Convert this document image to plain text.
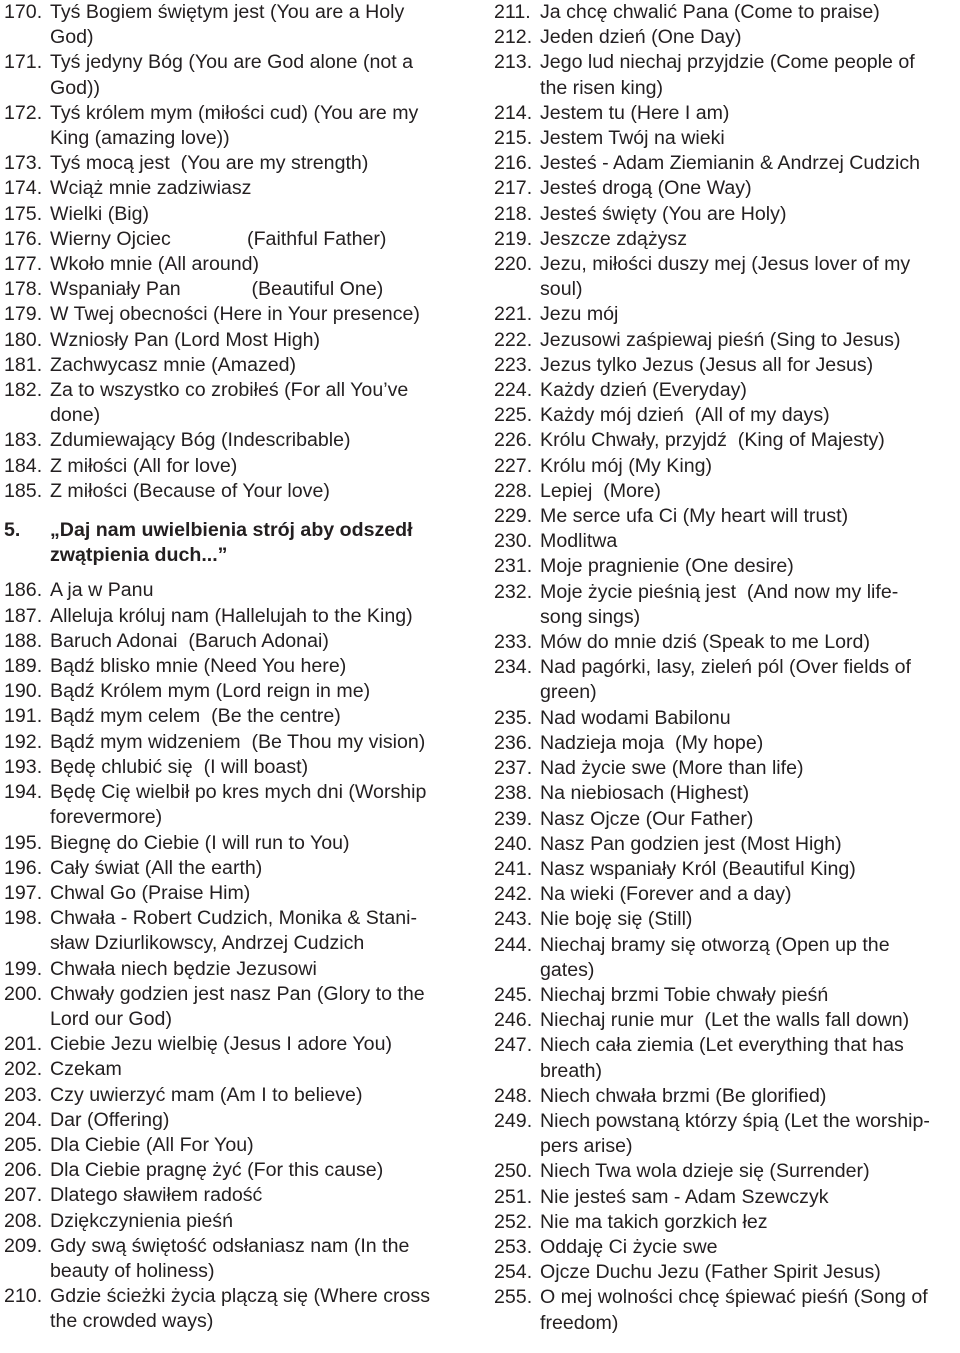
170. Tyś Bogiem świętym jest (You are a Holy
God)
171. Tyś jedyny Bóg (You are God alone (not a
God))
172. Tyś królem mym (miłości cud) (You are my
King (amazing love))
173. Tyś mocą jest  (You are my strength)
174. Wciąż mnie zadziwiasz
175. Wielki (Big)
176. Wierny Ojciec              (Faithful Father)
177. Wkoło mnie (All around)
178. Wspaniały Pan             (Beautiful One)
179. W Twej obecności (Here in Your presence)
180. Wzniosły Pan (Lord Most High)
181. Zachwycasz mnie (Amazed)
182. Za to wszystko co zrobiłeś (For all You’ve
done)
183. Zdumiewający Bóg (Indescribable)
184. Z miłości (All for love)
185. Z miłości (Because of Your love)
5.	„Daj nam uwielbienia strój aby odszedł
zwątpienia duch...”
186. A ja w Panu
187. Alleluja króluj nam (Hallelujah to the King)
188. Baruch Adonai  (Baruch Adonai)
189. Bądź blisko mnie (Need You here)
190. Bądź Królem mym (Lord reign in me)
191. Bądź mym celem  (Be the centre)
192. Bądź mym widzeniem  (Be Thou my vision)
193. Będę chlubić się  (I will boast)
194. Będę Cię wielbił po kres mych dni (Worship
forevermore)
195. Biegnę do Ciebie (I will run to You)
196. Cały świat (All the earth)
197. Chwal Go (Praise Him)
198. Chwała - Robert Cudzich, Monika & Stani-
sław Dziurlikowscy, Andrzej Cudzich
199. Chwała niech będzie Jezusowi
200. Chwały godzien jest nasz Pan (Glory to the
Lord our God)
201. Ciebie Jezu wielbię (Jesus I adore You)
202. Czekam
203. Czy uwierzyć mam (Am I to believe)
204. Dar (Offering)
205. Dla Ciebie (All For You)
206. Dla Ciebie pragnę żyć (For this cause)
207. Dlatego sławiłem radość
208. Dziękczynienia pieśń
209. Gdy swą świętość odsłaniasz nam (In the
beauty of holiness)
210. Gdzie ścieżki życia plączą się (Where cross
the crowded ways)
211. Ja chcę chwalić Pana (Come to praise)
212. Jeden dzień (One Day)
213. Jego lud niechaj przyjdzie (Come people of
the risen king)
214. Jestem tu (Here I am)
215. Jestem Twój na wieki
216. Jesteś - Adam Ziemianin & Andrzej Cudzich
217. Jesteś drogą (One Way)
218. Jesteś święty (You are Holy)
219. Jeszcze zdążysz
220. Jezu, miłości duszy mej (Jesus lover of my
soul)
221. Jezu mój
222. Jezusowi zaśpiewaj pieśń (Sing to Jesus)
223. Jezus tylko Jezus (Jesus all for Jesus)
224. Każdy dzień (Everyday)
225. Każdy mój dzień  (All of my days)
226. Królu Chwały, przyjdź  (King of Majesty)
227. Królu mój (My King)
228. Lepiej  (More)
229. Me serce ufa Ci (My heart will trust)
230. Modlitwa
231. Moje pragnienie (One desire)
232. Moje życie pieśnią jest  (And now my life-
song sings)
233. Mów do mnie dziś (Speak to me Lord)
234. Nad pagórki, lasy, zieleń pól (Over fields of
green)
235. Nad wodami Babilonu
236. Nadzieja moja  (My hope)
237. Nad życie swe (More than life)
238. Na niebiosach (Highest)
239. Nasz Ojcze (Our Father)
240. Nasz Pan godzien jest (Most High)
241. Nasz wspaniały Król (Beautiful King)
242. Na wieki (Forever and a day)
243. Nie boję się (Still)
244. Niechaj bramy się otworzą (Open up the
gates)
245. Niechaj brzmi Tobie chwały pieśń
246. Niechaj runie mur  (Let the walls fall down)
247. Niech cała ziemia (Let everything that has
breath)
248. Niech chwała brzmi (Be glorified)
249. Niech powstaną którzy śpią (Let the worship-
pers arise)
250. Niech Twa wola dzieje się (Surrender)
251. Nie jesteś sam - Adam Szewczyk
252. Nie ma takich gorzkich łez
253. Oddaję Ci życie swe
254. Ojcze Duchu Jezu (Father Spirit Jesus)
255. O mej wolności chcę śpiewać pieśń (Song of
freedom)
